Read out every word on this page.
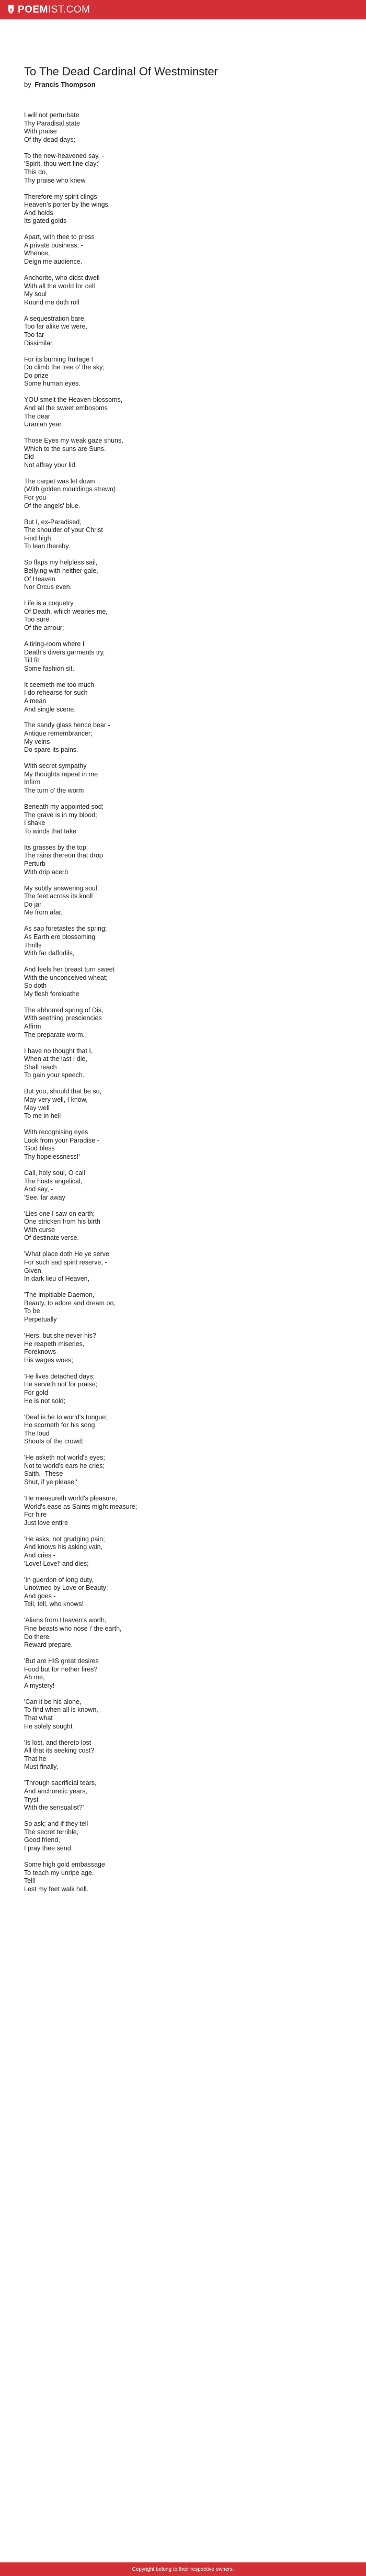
POEMIST.COM
To The Dead Cardinal Of Westminster
by Francis Thompson
I will not perturbate
Thy Paradisal state
With praise
Of thy dead days;
To the new-heavened say, -
'Spirit, thou wert fine clay:'
This do,
Thy praise who knew.
Therefore my spirit clings
Heaven's porter by the wings,
And holds
Its gated golds
Apart, with thee to press
A private business; -
Whence,
Deign me audience.
Anchorite, who didst dwell
With all the world for cell
My soul
Round me doth roll
A sequestration bare.
Too far alike we were,
Too far
Dissimilar.
For its burning fruitage I
Do climb the tree o' the sky;
Do prize
Some human eyes.
YOU smelt the Heaven-blossoms,
And all the sweet embosoms
The dear
Uranian year.
Those Eyes my weak gaze shuns,
Which to the suns are Suns.
Did
Not affray your lid.
The carpet was let down
(With golden mouldings strewn)
For you
Of the angels' blue.
But I, ex-Paradised,
The shoulder of your Christ
Find high
To lean thereby.
So flaps my helpless sail,
Bellying with neither gale,
Of Heaven
Nor Orcus even.
Life is a coquetry
Of Death, which wearies me,
Too sure
Of the amour;
A tiring-room where I
Death's divers garments try,
Till fit
Some fashion sit.
It seemeth me too much
I do rehearse for such
A mean
And single scene.
The sandy glass hence bear -
Antique remembrancer;
My veins
Do spare its pains.
With secret sympathy
My thoughts repeat in me
Infirm
The turn o' the worm
Beneath my appointed sod;
The grave is in my blood;
I shake
To winds that take
Its grasses by the top;
The rains thereon that drop
Perturb
With drip acerb
My subtly answering soul;
The feet across its knoll
Do jar
Me from afar.
As sap foretastes the spring;
As Earth ere blossoming
Thrills
With far daffodils,
And feels her breast turn sweet
With the unconceived wheat;
So doth
My flesh foreloathe
The abhorred spring of Dis,
With seething presciencies
Affirm
The preparate worm.
I have no thought that I,
When at the last I die,
Shall reach
To gain your speech.
But you, should that be so,
May very well, I know,
May well
To me in hell
With recognising eyes
Look from your Paradise -
'God bless
Thy hopelessness!'
Call, holy soul, O call
The hosts angelical,
And say, -
'See, far away
'Lies one I saw on earth;
One stricken from his birth
With curse
Of destinate verse.
'What place doth He ye serve
For such sad spirit reserve, -
Given,
In dark lieu of Heaven,
'The impitiable Daemon,
Beauty, to adore and dream on,
To be
Perpetually
'Hers, but she never his?
He reapeth miseries,
Foreknows
His wages woes;
'He lives detached days;
He serveth not for praise;
For gold
He is not sold;
'Deaf is he to world's tongue;
He scorneth for his song
The loud
Shouts of the crowd;
'He asketh not world's eyes;
Not to world's ears he cries;
Saith, -These
Shut, if ye please;'
'He measureth world's pleasure,
World's ease as Saints might measure;
For hire
Just love entire
'He asks, not grudging pain;
And knows his asking vain,
And cries -
'Love! Love!' and dies;
'In guerdon of long duty,
Unowned by Love or Beauty;
And goes -
Tell, tell, who knows!
'Aliens from Heaven's worth,
Fine beasts who nose i' the earth,
Do there
Reward prepare.
'But are HIS great desires
Food but for nether fires?
Ah me,
A mystery!
'Can it be his alone,
To find when all is known,
That what
He solely sought
'Is lost, and thereto lost
All that its seeking cost?
That he
Must finally,
'Through sacrificial tears,
And anchoretic years,
Tryst
With the sensualist?'
So ask; and if they tell
The secret terrible,
Good friend,
I pray thee send
Some high gold embassage
To teach my unripe age.
Tell!
Lest my feet walk hell.
Copyright belong to their respective owners.
